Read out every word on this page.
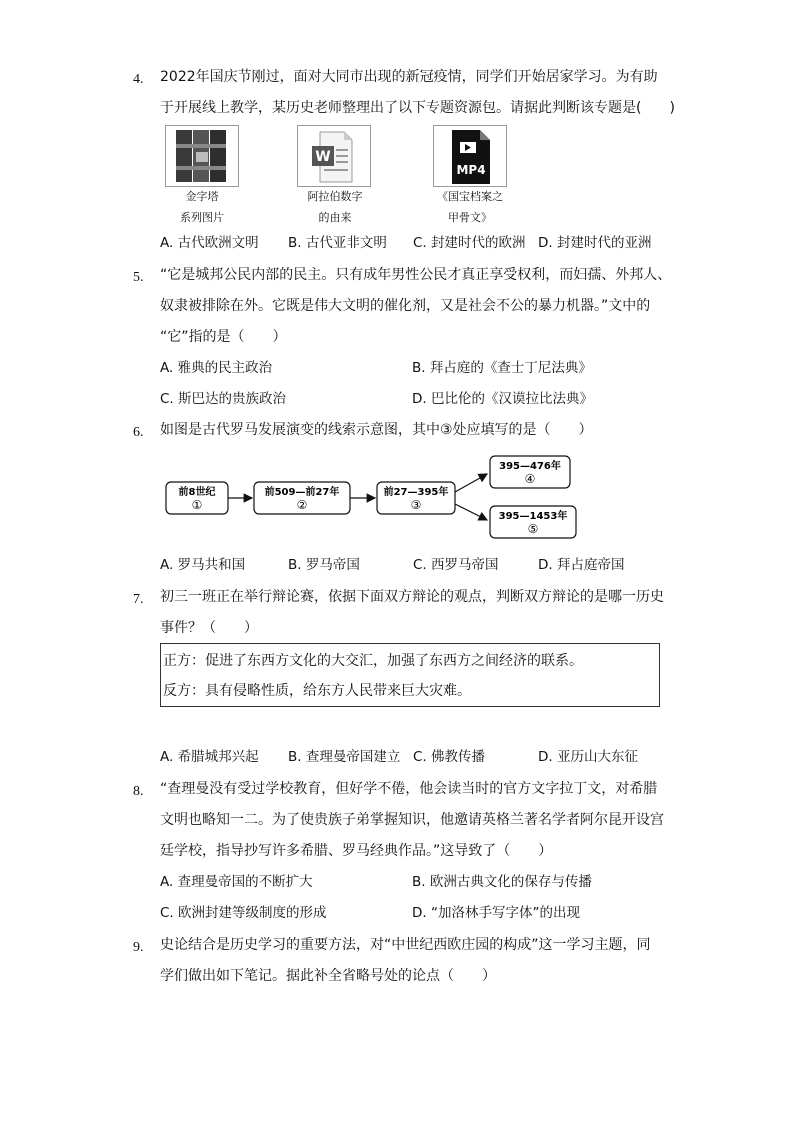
4. 2022年国庆节刚过，面对大同市出现的新冠疫情，同学们开始居家学习。为有助
于开展线上教学，某历史老师整理出了以下专题资源包。请据此判断该专题是(　　)
W
MP4
金字塔
系列图片
阿拉伯数字
的由来
《国宝档案之
甲骨文》
A. 古代欧洲文明 B. 古代亚非文明 C. 封建时代的欧洲 D. 封建时代的亚洲
5. “它是城邦公民内部的民主。只有成年男性公民才真正享受权利，而妇孺、外邦人、
奴隶被排除在外。它既是伟大文明的催化剂，又是社会不公的暴力机器。”文中的
“它”指的是（　　）
A. 雅典的民主政治	B. 拜占庭的《查士丁尼法典》
C. 斯巴达的贵族政治	D. 巴比伦的《汉谟拉比法典》
6. 如图是古代罗马发展演变的线索示意图，其中③处应填写的是（　　）
前8世纪
①
前509—前27年
②
前27—395年
③
395—476年
④
395—1453年
⑤
A. 罗马共和国	B. 罗马帝国	C. 西罗马帝国	D. 拜占庭帝国
7. 初三一班正在举行辩论赛，依据下面双方辩论的观点，判断双方辩论的是哪一历史
事件？（　　）
正方：促进了东西方文化的大交汇，加强了东西方之间经济的联系。
反方：具有侵略性质，给东方人民带来巨大灾难。
A. 希腊城邦兴起 B. 查理曼帝国建立 C. 佛教传播	D. 亚历山大东征
8. “查理曼没有受过学校教育，但好学不倦，他会读当时的官方文字拉丁文，对希腊
文明也略知一二。为了使贵族子弟掌握知识，他邀请英格兰著名学者阿尔昆开设宫
廷学校，指导抄写许多希腊、罗马经典作品。”这导致了（　　）
A. 查理曼帝国的不断扩大	B. 欧洲古典文化的保存与传播
C. 欧洲封建等级制度的形成	D. “加洛林手写字体”的出现
9. 史论结合是历史学习的重要方法，对“中世纪西欧庄园的构成”这一学习主题，同
学们做出如下笔记。据此补全省略号处的论点（　　）
